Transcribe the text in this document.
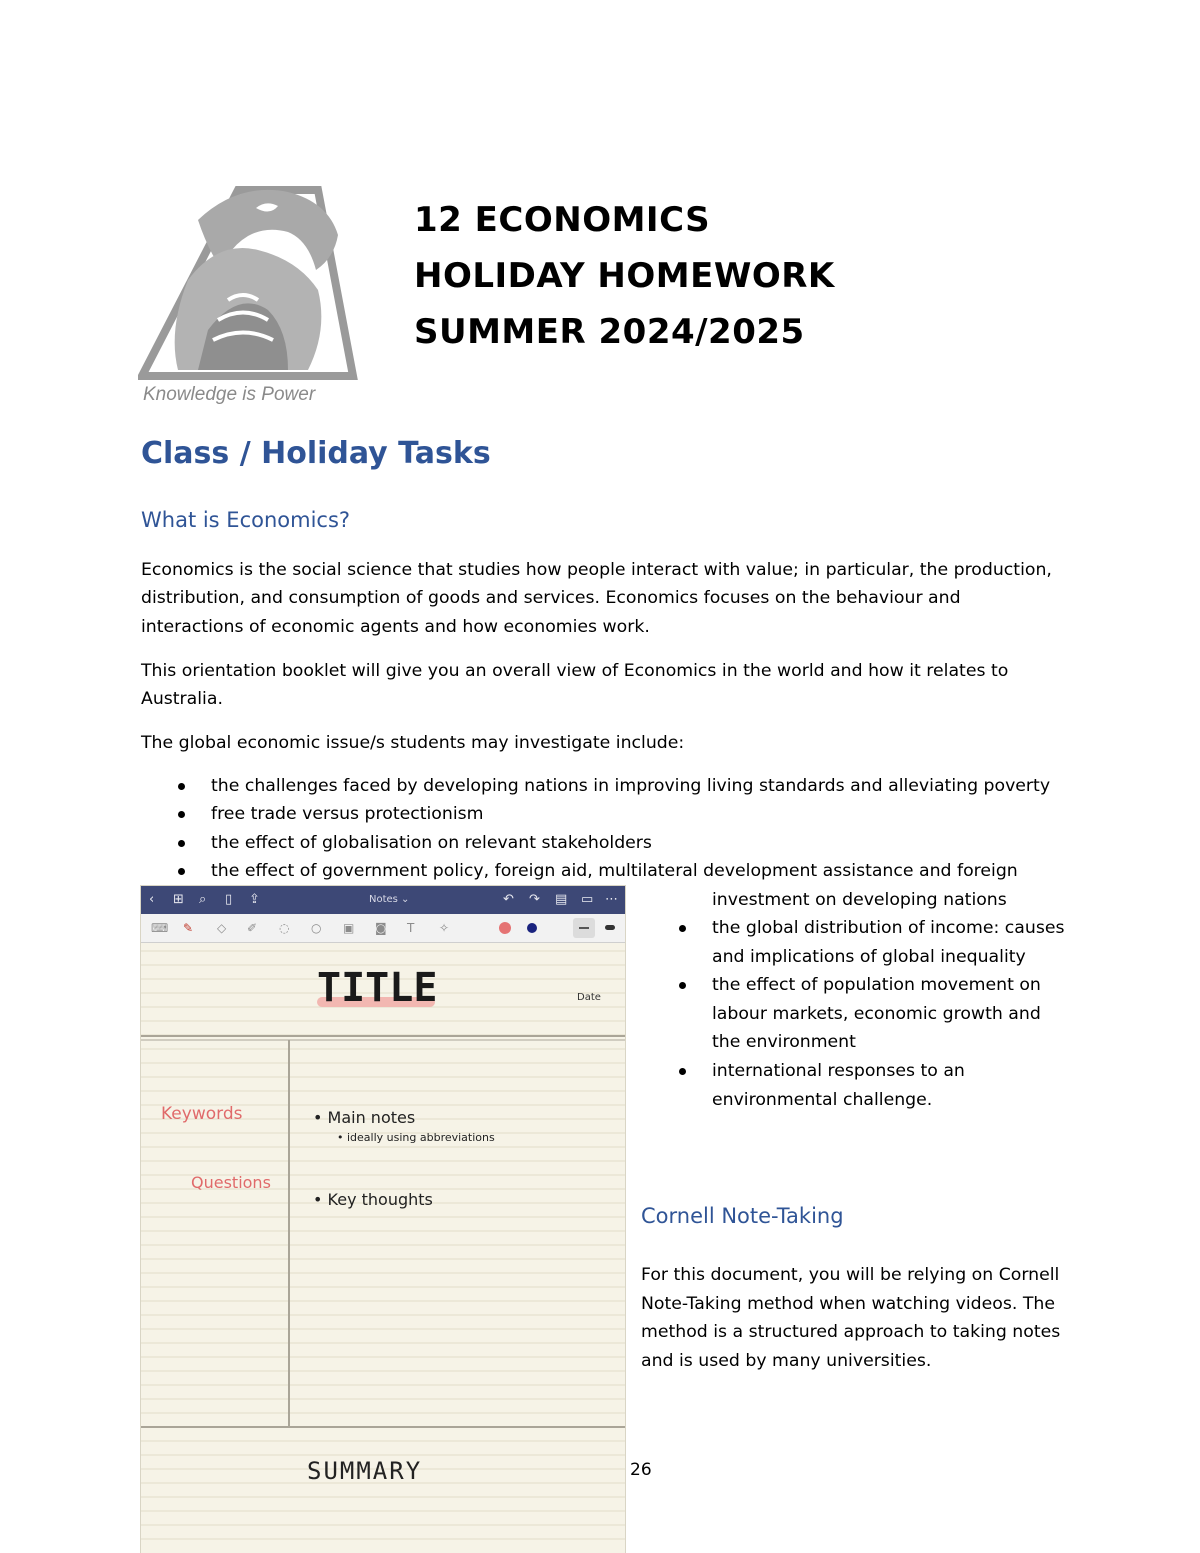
Knowledge is Power
12 ECONOMICS
HOLIDAY HOMEWORK
SUMMER 2024/2025
Class / Holiday Tasks
What is Economics?
Economics is the social science that studies how people interact with value; in particular, the production, distribution, and consumption of goods and services. Economics focuses on the behaviour and interactions of economic agents and how economies work.
This orientation booklet will give you an overall view of Economics in the world and how it relates to Australia.
The global economic issue/s students may investigate include:
the challenges faced by developing nations in improving living standards and alleviating poverty
free trade versus protectionism
the effect of globalisation on relevant stakeholders
the effect of government policy, foreign aid, multilateral development assistance and foreign
investment on developing nations
the global distribution of income: causes and implications of global inequality
the effect of population movement on labour markets, economic growth and the environment
international responses to an environmental challenge.
Cornell Note-Taking
For this document, you will be relying on Cornell Note-Taking method when watching videos. The method is a structured approach to taking notes and is used by many universities.
26
‹ ⊞ ⌕ ▯ ⇪	Notes ⌄	↶ ↷ ▤ ▭ ⋯
⌨ ✎ ◇ ✐ ◌ ○ ▣ ◙ T ✧
TITLE	Date
Keywords
Questions
• Main notes
• ideally using abbreviations
• Key thoughts
SUMMARY
